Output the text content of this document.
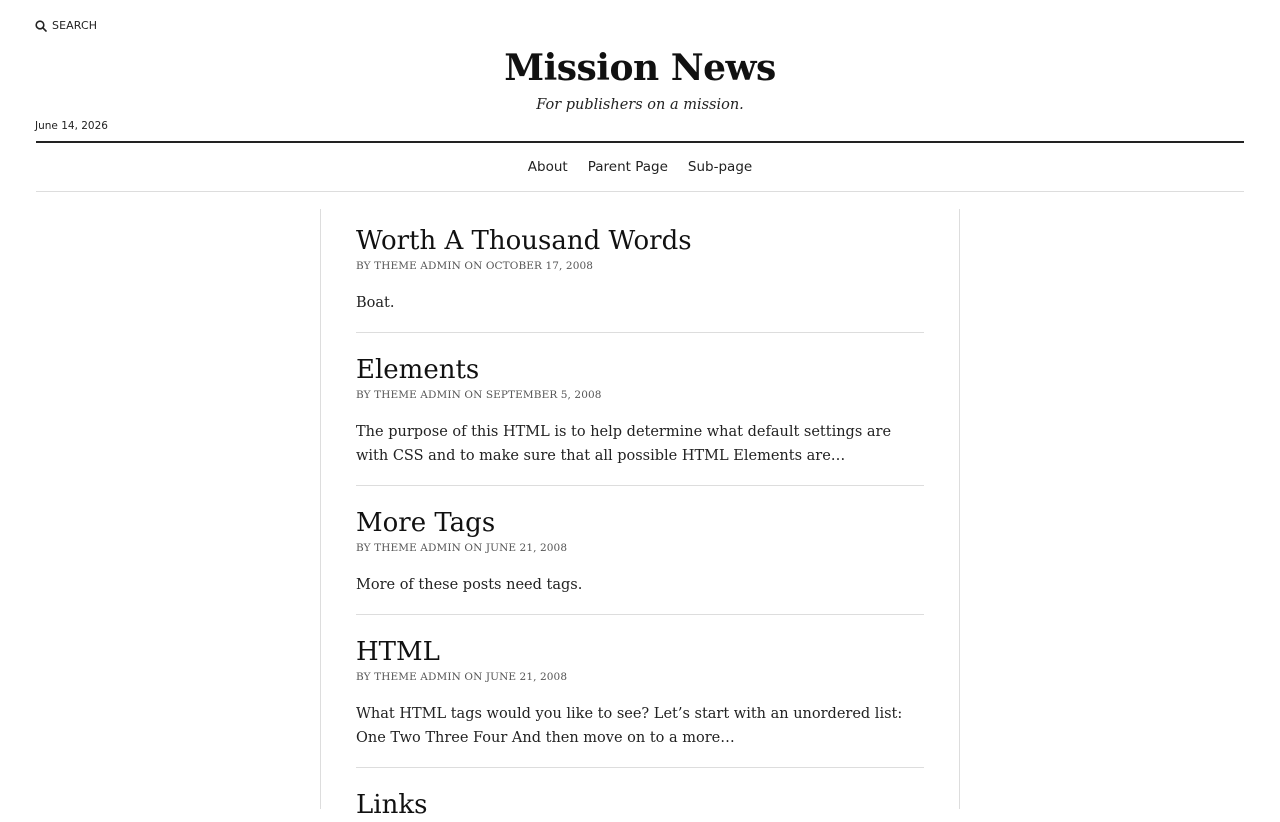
SEARCH
Mission News
For publishers on a mission.
June 14, 2026
About Parent Page Sub-page
Worth A Thousand Words
BY THEME ADMIN ON OCTOBER 17, 2008

Boat.

Elements
BY THEME ADMIN ON SEPTEMBER 5, 2008

The purpose of this HTML is to help determine what default settings are with CSS and to make sure that all possible HTML Elements are…

More Tags
BY THEME ADMIN ON JUNE 21, 2008

More of these posts need tags.

HTML
BY THEME ADMIN ON JUNE 21, 2008

What HTML tags would you like to see? Let’s start with an unordered list: One Two Three Four And then move on to a more…

Links
